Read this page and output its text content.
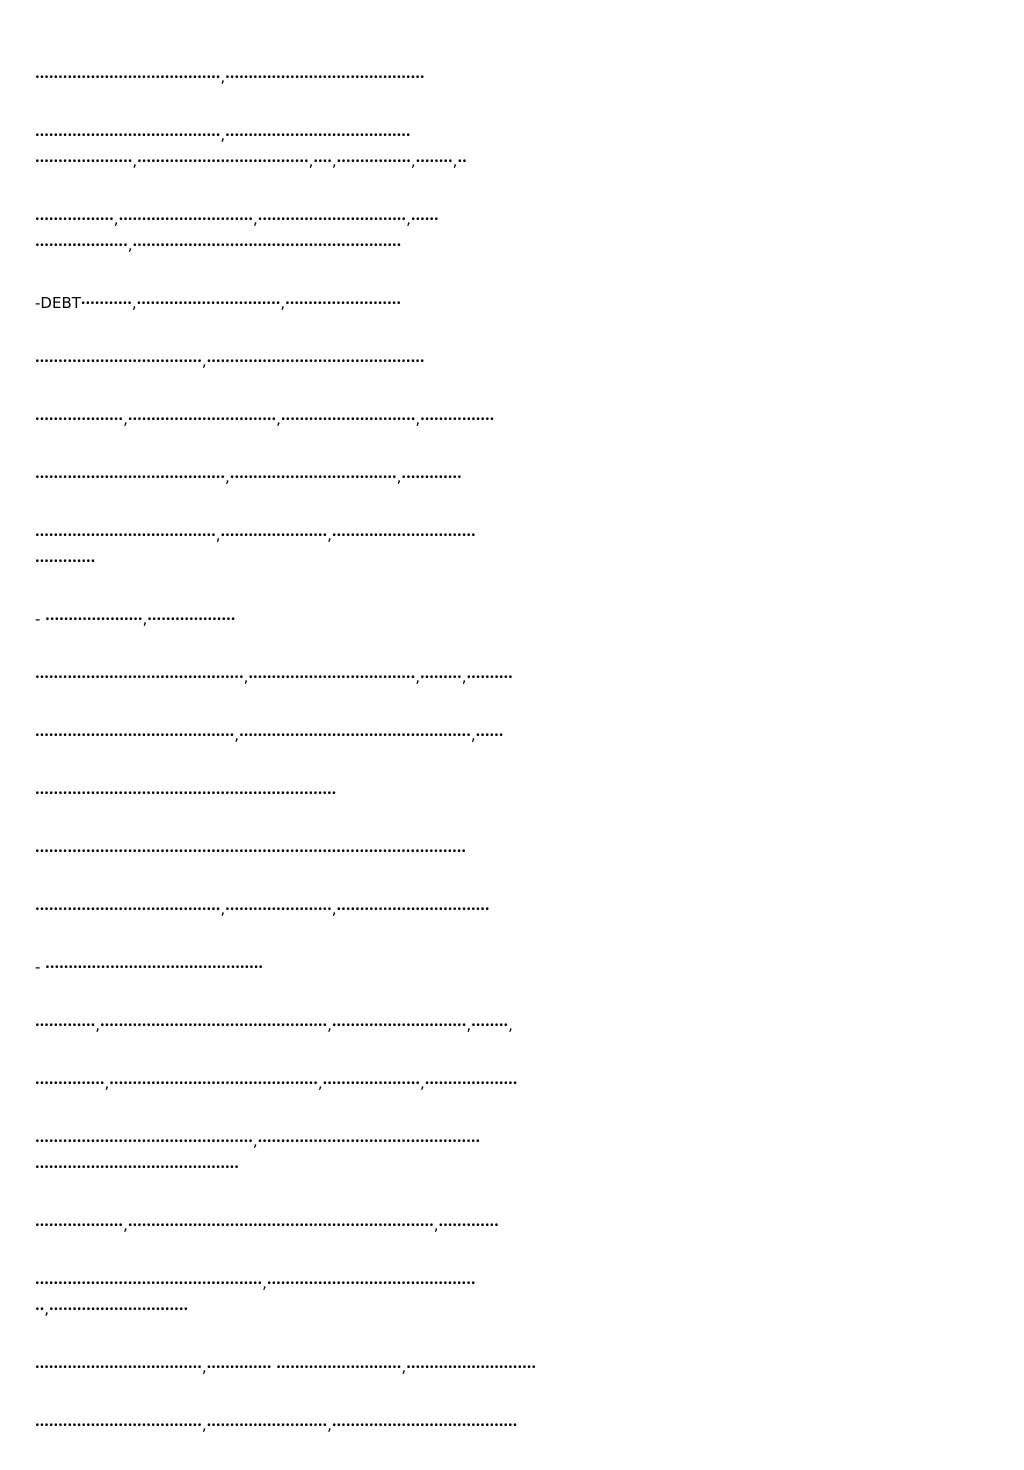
ꞏꞏꞏꞏꞏꞏꞏꞏꞏꞏꞏꞏꞏꞏꞏꞏꞏꞏꞏꞏꞏꞏꞏꞏꞏꞏꞏꞏꞏꞏꞏꞏꞏꞏꞏꞏꞏꞏꞏꞏ,ꞏꞏꞏꞏꞏꞏꞏꞏꞏꞏꞏꞏꞏꞏꞏꞏꞏꞏꞏꞏꞏꞏꞏꞏꞏꞏꞏꞏꞏꞏꞏꞏꞏꞏꞏꞏꞏꞏꞏꞏꞏꞏꞏ
ꞏꞏꞏꞏꞏꞏꞏꞏꞏꞏꞏꞏꞏꞏꞏꞏꞏꞏꞏꞏꞏꞏꞏꞏꞏꞏꞏꞏꞏꞏꞏꞏꞏꞏꞏꞏꞏꞏꞏꞏ,ꞏꞏꞏꞏꞏꞏꞏꞏꞏꞏꞏꞏꞏꞏꞏꞏꞏꞏꞏꞏꞏꞏꞏꞏꞏꞏꞏꞏꞏꞏꞏꞏꞏꞏꞏꞏꞏꞏꞏꞏ
ꞏꞏꞏꞏꞏꞏꞏꞏꞏꞏꞏꞏꞏꞏꞏꞏꞏꞏꞏꞏꞏ,ꞏꞏꞏꞏꞏꞏꞏꞏꞏꞏꞏꞏꞏꞏꞏꞏꞏꞏꞏꞏꞏꞏꞏꞏꞏꞏꞏꞏꞏꞏꞏꞏꞏꞏꞏꞏꞏ,ꞏꞏꞏꞏ,ꞏꞏꞏꞏꞏꞏꞏꞏꞏꞏꞏꞏꞏꞏꞏꞏ,ꞏꞏꞏꞏꞏꞏꞏꞏ,ꞏꞏ
ꞏꞏꞏꞏꞏꞏꞏꞏꞏꞏꞏꞏꞏꞏꞏꞏꞏ,ꞏꞏꞏꞏꞏꞏꞏꞏꞏꞏꞏꞏꞏꞏꞏꞏꞏꞏꞏꞏꞏꞏꞏꞏꞏꞏꞏꞏꞏ,ꞏꞏꞏꞏꞏꞏꞏꞏꞏꞏꞏꞏꞏꞏꞏꞏꞏꞏꞏꞏꞏꞏꞏꞏꞏꞏꞏꞏꞏꞏꞏꞏ,ꞏꞏꞏꞏꞏꞏ
ꞏꞏꞏꞏꞏꞏꞏꞏꞏꞏꞏꞏꞏꞏꞏꞏꞏꞏꞏꞏ,ꞏꞏꞏꞏꞏꞏꞏꞏꞏꞏꞏꞏꞏꞏꞏꞏꞏꞏꞏꞏꞏꞏꞏꞏꞏꞏꞏꞏꞏꞏꞏꞏꞏꞏꞏꞏꞏꞏꞏꞏꞏꞏꞏꞏꞏꞏꞏꞏꞏꞏꞏꞏꞏꞏꞏꞏꞏꞏ
-DEBTꞏꞏꞏꞏꞏꞏꞏꞏꞏꞏꞏ,ꞏꞏꞏꞏꞏꞏꞏꞏꞏꞏꞏꞏꞏꞏꞏꞏꞏꞏꞏꞏꞏꞏꞏꞏꞏꞏꞏꞏꞏꞏꞏ,ꞏꞏꞏꞏꞏꞏꞏꞏꞏꞏꞏꞏꞏꞏꞏꞏꞏꞏꞏꞏꞏꞏꞏꞏꞏ
ꞏꞏꞏꞏꞏꞏꞏꞏꞏꞏꞏꞏꞏꞏꞏꞏꞏꞏꞏꞏꞏꞏꞏꞏꞏꞏꞏꞏꞏꞏꞏꞏꞏꞏꞏꞏ,ꞏꞏꞏꞏꞏꞏꞏꞏꞏꞏꞏꞏꞏꞏꞏꞏꞏꞏꞏꞏꞏꞏꞏꞏꞏꞏꞏꞏꞏꞏꞏꞏꞏꞏꞏꞏꞏꞏꞏꞏꞏꞏꞏꞏꞏꞏꞏ
ꞏꞏꞏꞏꞏꞏꞏꞏꞏꞏꞏꞏꞏꞏꞏꞏꞏꞏꞏ,ꞏꞏꞏꞏꞏꞏꞏꞏꞏꞏꞏꞏꞏꞏꞏꞏꞏꞏꞏꞏꞏꞏꞏꞏꞏꞏꞏꞏꞏꞏꞏꞏ,ꞏꞏꞏꞏꞏꞏꞏꞏꞏꞏꞏꞏꞏꞏꞏꞏꞏꞏꞏꞏꞏꞏꞏꞏꞏꞏꞏꞏꞏ,ꞏꞏꞏꞏꞏꞏꞏꞏꞏꞏꞏꞏꞏꞏꞏꞏ
ꞏꞏꞏꞏꞏꞏꞏꞏꞏꞏꞏꞏꞏꞏꞏꞏꞏꞏꞏꞏꞏꞏꞏꞏꞏꞏꞏꞏꞏꞏꞏꞏꞏꞏꞏꞏꞏꞏꞏꞏꞏ,ꞏꞏꞏꞏꞏꞏꞏꞏꞏꞏꞏꞏꞏꞏꞏꞏꞏꞏꞏꞏꞏꞏꞏꞏꞏꞏꞏꞏꞏꞏꞏꞏꞏꞏꞏꞏ,ꞏꞏꞏꞏꞏꞏꞏꞏꞏꞏꞏꞏꞏ
ꞏꞏꞏꞏꞏꞏꞏꞏꞏꞏꞏꞏꞏꞏꞏꞏꞏꞏꞏꞏꞏꞏꞏꞏꞏꞏꞏꞏꞏꞏꞏꞏꞏꞏꞏꞏꞏꞏꞏ,ꞏꞏꞏꞏꞏꞏꞏꞏꞏꞏꞏꞏꞏꞏꞏꞏꞏꞏꞏꞏꞏꞏꞏ,ꞏꞏꞏꞏꞏꞏꞏꞏꞏꞏꞏꞏꞏꞏꞏꞏꞏꞏꞏꞏꞏꞏꞏꞏꞏꞏꞏꞏꞏꞏꞏ
ꞏꞏꞏꞏꞏꞏꞏꞏꞏꞏꞏꞏꞏ
- ꞏꞏꞏꞏꞏꞏꞏꞏꞏꞏꞏꞏꞏꞏꞏꞏꞏꞏꞏꞏꞏ,ꞏꞏꞏꞏꞏꞏꞏꞏꞏꞏꞏꞏꞏꞏꞏꞏꞏꞏꞏ
ꞏꞏꞏꞏꞏꞏꞏꞏꞏꞏꞏꞏꞏꞏꞏꞏꞏꞏꞏꞏꞏꞏꞏꞏꞏꞏꞏꞏꞏꞏꞏꞏꞏꞏꞏꞏꞏꞏꞏꞏꞏꞏꞏꞏꞏ,ꞏꞏꞏꞏꞏꞏꞏꞏꞏꞏꞏꞏꞏꞏꞏꞏꞏꞏꞏꞏꞏꞏꞏꞏꞏꞏꞏꞏꞏꞏꞏꞏꞏꞏꞏꞏ,ꞏꞏꞏꞏꞏꞏꞏꞏꞏ,ꞏꞏꞏꞏꞏꞏꞏꞏꞏꞏ
ꞏꞏꞏꞏꞏꞏꞏꞏꞏꞏꞏꞏꞏꞏꞏꞏꞏꞏꞏꞏꞏꞏꞏꞏꞏꞏꞏꞏꞏꞏꞏꞏꞏꞏꞏꞏꞏꞏꞏꞏꞏꞏꞏ,ꞏꞏꞏꞏꞏꞏꞏꞏꞏꞏꞏꞏꞏꞏꞏꞏꞏꞏꞏꞏꞏꞏꞏꞏꞏꞏꞏꞏꞏꞏꞏꞏꞏꞏꞏꞏꞏꞏꞏꞏꞏꞏꞏꞏꞏꞏꞏꞏꞏꞏ,ꞏꞏꞏꞏꞏꞏ
ꞏꞏꞏꞏꞏꞏꞏꞏꞏꞏꞏꞏꞏꞏꞏꞏꞏꞏꞏꞏꞏꞏꞏꞏꞏꞏꞏꞏꞏꞏꞏꞏꞏꞏꞏꞏꞏꞏꞏꞏꞏꞏꞏꞏꞏꞏꞏꞏꞏꞏꞏꞏꞏꞏꞏꞏꞏꞏꞏꞏꞏꞏꞏꞏꞏ
ꞏꞏꞏꞏꞏꞏꞏꞏꞏꞏꞏꞏꞏꞏꞏꞏꞏꞏꞏꞏꞏꞏꞏꞏꞏꞏꞏꞏꞏꞏꞏꞏꞏꞏꞏꞏꞏꞏꞏꞏꞏꞏꞏꞏꞏꞏꞏꞏꞏꞏꞏꞏꞏꞏꞏꞏꞏꞏꞏꞏꞏꞏꞏꞏꞏꞏꞏꞏꞏꞏꞏꞏꞏꞏꞏꞏꞏꞏꞏꞏꞏꞏꞏꞏꞏꞏꞏꞏꞏꞏꞏꞏꞏ
ꞏꞏꞏꞏꞏꞏꞏꞏꞏꞏꞏꞏꞏꞏꞏꞏꞏꞏꞏꞏꞏꞏꞏꞏꞏꞏꞏꞏꞏꞏꞏꞏꞏꞏꞏꞏꞏꞏꞏꞏ,ꞏꞏꞏꞏꞏꞏꞏꞏꞏꞏꞏꞏꞏꞏꞏꞏꞏꞏꞏꞏꞏꞏꞏ,ꞏꞏꞏꞏꞏꞏꞏꞏꞏꞏꞏꞏꞏꞏꞏꞏꞏꞏꞏꞏꞏꞏꞏꞏꞏꞏꞏꞏꞏꞏꞏꞏꞏ
- ꞏꞏꞏꞏꞏꞏꞏꞏꞏꞏꞏꞏꞏꞏꞏꞏꞏꞏꞏꞏꞏꞏꞏꞏꞏꞏꞏꞏꞏꞏꞏꞏꞏꞏꞏꞏꞏꞏꞏꞏꞏꞏꞏꞏꞏꞏꞏ
ꞏꞏꞏꞏꞏꞏꞏꞏꞏꞏꞏꞏꞏ,ꞏꞏꞏꞏꞏꞏꞏꞏꞏꞏꞏꞏꞏꞏꞏꞏꞏꞏꞏꞏꞏꞏꞏꞏꞏꞏꞏꞏꞏꞏꞏꞏꞏꞏꞏꞏꞏꞏꞏꞏꞏꞏꞏꞏꞏꞏꞏꞏꞏ,ꞏꞏꞏꞏꞏꞏꞏꞏꞏꞏꞏꞏꞏꞏꞏꞏꞏꞏꞏꞏꞏꞏꞏꞏꞏꞏꞏꞏꞏ,ꞏꞏꞏꞏꞏꞏꞏꞏ,
ꞏꞏꞏꞏꞏꞏꞏꞏꞏꞏꞏꞏꞏꞏꞏ,ꞏꞏꞏꞏꞏꞏꞏꞏꞏꞏꞏꞏꞏꞏꞏꞏꞏꞏꞏꞏꞏꞏꞏꞏꞏꞏꞏꞏꞏꞏꞏꞏꞏꞏꞏꞏꞏꞏꞏꞏꞏꞏꞏꞏꞏ,ꞏꞏꞏꞏꞏꞏꞏꞏꞏꞏꞏꞏꞏꞏꞏꞏꞏꞏꞏꞏꞏ,ꞏꞏꞏꞏꞏꞏꞏꞏꞏꞏꞏꞏꞏꞏꞏꞏꞏꞏꞏꞏ
ꞏꞏꞏꞏꞏꞏꞏꞏꞏꞏꞏꞏꞏꞏꞏꞏꞏꞏꞏꞏꞏꞏꞏꞏꞏꞏꞏꞏꞏꞏꞏꞏꞏꞏꞏꞏꞏꞏꞏꞏꞏꞏꞏꞏꞏꞏꞏ,ꞏꞏꞏꞏꞏꞏꞏꞏꞏꞏꞏꞏꞏꞏꞏꞏꞏꞏꞏꞏꞏꞏꞏꞏꞏꞏꞏꞏꞏꞏꞏꞏꞏꞏꞏꞏꞏꞏꞏꞏꞏꞏꞏꞏꞏꞏꞏꞏ
ꞏꞏꞏꞏꞏꞏꞏꞏꞏꞏꞏꞏꞏꞏꞏꞏꞏꞏꞏꞏꞏꞏꞏꞏꞏꞏꞏꞏꞏꞏꞏꞏꞏꞏꞏꞏꞏꞏꞏꞏꞏꞏꞏꞏ
ꞏꞏꞏꞏꞏꞏꞏꞏꞏꞏꞏꞏꞏꞏꞏꞏꞏꞏꞏ,ꞏꞏꞏꞏꞏꞏꞏꞏꞏꞏꞏꞏꞏꞏꞏꞏꞏꞏꞏꞏꞏꞏꞏꞏꞏꞏꞏꞏꞏꞏꞏꞏꞏꞏꞏꞏꞏꞏꞏꞏꞏꞏꞏꞏꞏꞏꞏꞏꞏꞏꞏꞏꞏꞏꞏꞏꞏꞏꞏꞏꞏꞏꞏꞏꞏꞏ,ꞏꞏꞏꞏꞏꞏꞏꞏꞏꞏꞏꞏꞏ
ꞏꞏꞏꞏꞏꞏꞏꞏꞏꞏꞏꞏꞏꞏꞏꞏꞏꞏꞏꞏꞏꞏꞏꞏꞏꞏꞏꞏꞏꞏꞏꞏꞏꞏꞏꞏꞏꞏꞏꞏꞏꞏꞏꞏꞏꞏꞏꞏꞏ,ꞏꞏꞏꞏꞏꞏꞏꞏꞏꞏꞏꞏꞏꞏꞏꞏꞏꞏꞏꞏꞏꞏꞏꞏꞏꞏꞏꞏꞏꞏꞏꞏꞏꞏꞏꞏꞏꞏꞏꞏꞏꞏꞏꞏꞏ
ꞏꞏ,ꞏꞏꞏꞏꞏꞏꞏꞏꞏꞏꞏꞏꞏꞏꞏꞏꞏꞏꞏꞏꞏꞏꞏꞏꞏꞏꞏꞏꞏꞏ
ꞏꞏꞏꞏꞏꞏꞏꞏꞏꞏꞏꞏꞏꞏꞏꞏꞏꞏꞏꞏꞏꞏꞏꞏꞏꞏꞏꞏꞏꞏꞏꞏꞏꞏꞏꞏ,ꞏꞏꞏꞏꞏꞏꞏꞏꞏꞏꞏꞏꞏꞏ ꞏꞏꞏꞏꞏꞏꞏꞏꞏꞏꞏꞏꞏꞏꞏꞏꞏꞏꞏꞏꞏꞏꞏꞏꞏꞏꞏ,ꞏꞏꞏꞏꞏꞏꞏꞏꞏꞏꞏꞏꞏꞏꞏꞏꞏꞏꞏꞏꞏꞏꞏꞏꞏꞏꞏꞏ
ꞏꞏꞏꞏꞏꞏꞏꞏꞏꞏꞏꞏꞏꞏꞏꞏꞏꞏꞏꞏꞏꞏꞏꞏꞏꞏꞏꞏꞏꞏꞏꞏꞏꞏꞏꞏ,ꞏꞏꞏꞏꞏꞏꞏꞏꞏꞏꞏꞏꞏꞏꞏꞏꞏꞏꞏꞏꞏꞏꞏꞏꞏꞏ,ꞏꞏꞏꞏꞏꞏꞏꞏꞏꞏꞏꞏꞏꞏꞏꞏꞏꞏꞏꞏꞏꞏꞏꞏꞏꞏꞏꞏꞏꞏꞏꞏꞏꞏꞏꞏꞏꞏꞏꞏ
